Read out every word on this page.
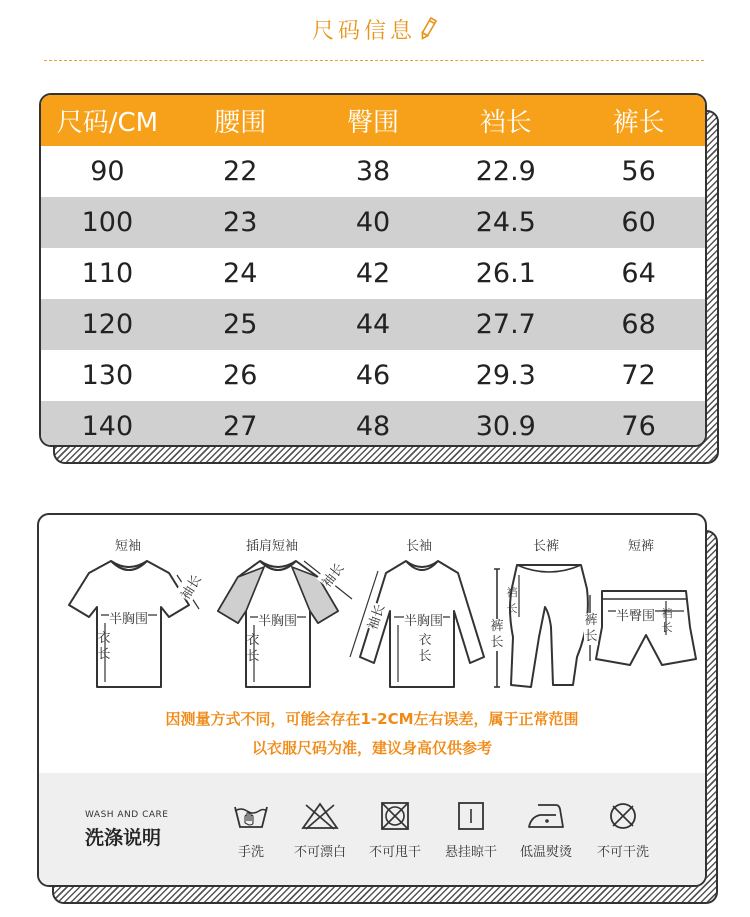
尺码信息
尺码/CM	腰围	臀围	裆长	裤长
90	22	38	22.9	56
100	23	40	24.5	60
110	24	42	26.1	64
120	25	44	27.7	68
130	26	46	29.3	72
140	27	48	30.9	76
短袖
半胸围
衣长
袖长
插肩短袖
半胸围
衣长
袖长
长袖
半胸围
衣长
袖长
长裤
裆长
裤长
短裤
半臀围
裤长
裆长
因测量方式不同，可能会存在1-2CM左右误差，属于正常范围
以衣服尺码为准，建议身高仅供参考
WASH AND CARE
洗涤说明
手洗	不可漂白	不可甩干	悬挂晾干	低温熨烫	不可干洗
